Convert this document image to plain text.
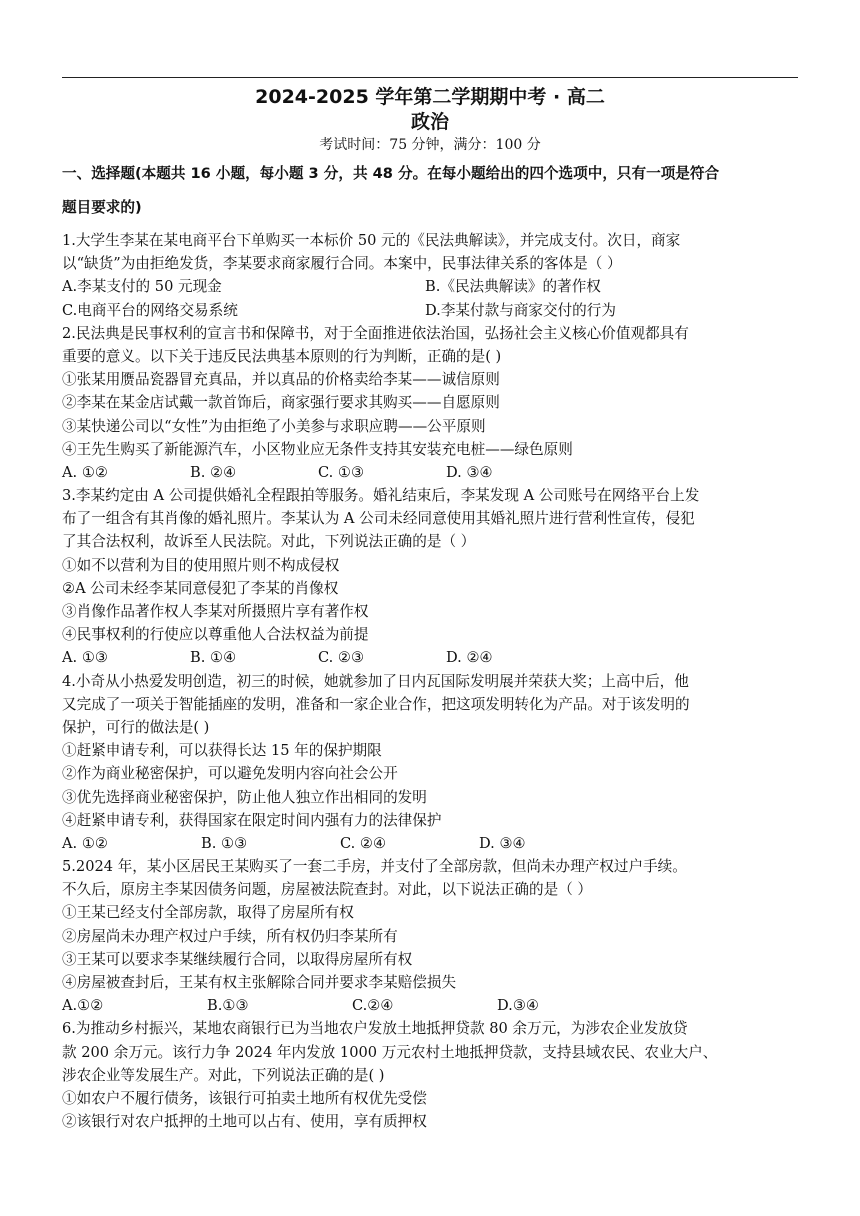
2024-2025 学年第二学期期中考 · 高二
政治
考试时间：75 分钟，满分：100 分
一、选择题(本题共 16 小题，每小题 3 分，共 48 分。在每小题给出的四个选项中，只有一项是符合
题目要求的)
1.大学生李某在某电商平台下单购买一本标价 50 元的《民法典解读》，并完成支付。次日，商家
以“缺货”为由拒绝发货，李某要求商家履行合同。本案中，民事法律关系的客体是（ ）
A.李某支付的 50 元现金	B.《民法典解读》的著作权
C.电商平台的网络交易系统	D.李某付款与商家交付的行为
2.民法典是民事权利的宣言书和保障书，对于全面推进依法治国，弘扬社会主义核心价值观都具有
重要的意义。以下关于违反民法典基本原则的行为判断，正确的是( )
①张某用赝品瓷器冒充真品，并以真品的价格卖给李某——诚信原则
②李某在某金店试戴一款首饰后，商家强行要求其购买——自愿原则
③某快递公司以“女性”为由拒绝了小美参与求职应聘——公平原则
④王先生购买了新能源汽车，小区物业应无条件支持其安装充电桩——绿色原则
A. ①②	B. ②④	C. ①③	D. ③④
3.李某约定由 A 公司提供婚礼全程跟拍等服务。婚礼结束后，李某发现 A 公司账号在网络平台上发
布了一组含有其肖像的婚礼照片。李某认为 A 公司未经同意使用其婚礼照片进行营利性宣传，侵犯
了其合法权利，故诉至人民法院。对此，下列说法正确的是（ ）
①如不以营利为目的使用照片则不构成侵权
②A 公司未经李某同意侵犯了李某的肖像权
③肖像作品著作权人李某对所摄照片享有著作权
④民事权利的行使应以尊重他人合法权益为前提
A. ①③	B. ①④	C. ②③	D. ②④
4.小奇从小热爱发明创造，初三的时候，她就参加了日内瓦国际发明展并荣获大奖；上高中后，他
又完成了一项关于智能插座的发明，准备和一家企业合作，把这项发明转化为产品。对于该发明的
保护，可行的做法是( )
①赶紧申请专利，可以获得长达 15 年的保护期限
②作为商业秘密保护，可以避免发明内容向社会公开
③优先选择商业秘密保护，防止他人独立作出相同的发明
④赶紧申请专利，获得国家在限定时间内强有力的法律保护
A. ①②	B. ①③	C. ②④	D. ③④
5.2024 年，某小区居民王某购买了一套二手房，并支付了全部房款，但尚未办理产权过户手续。
不久后，原房主李某因债务问题，房屋被法院查封。对此，以下说法正确的是（ ）
①王某已经支付全部房款，取得了房屋所有权
②房屋尚未办理产权过户手续，所有权仍归李某所有
③王某可以要求李某继续履行合同，以取得房屋所有权
④房屋被查封后，王某有权主张解除合同并要求李某赔偿损失
A.①②	B.①③	C.②④	D.③④
6.为推动乡村振兴，某地农商银行已为当地农户发放土地抵押贷款 80 余万元，为涉农企业发放贷
款 200 余万元。该行力争 2024 年内发放 1000 万元农村土地抵押贷款，支持县域农民、农业大户、
涉农企业等发展生产。对此，下列说法正确的是( )
①如农户不履行债务，该银行可拍卖土地所有权优先受偿
②该银行对农户抵押的土地可以占有、使用，享有质押权
